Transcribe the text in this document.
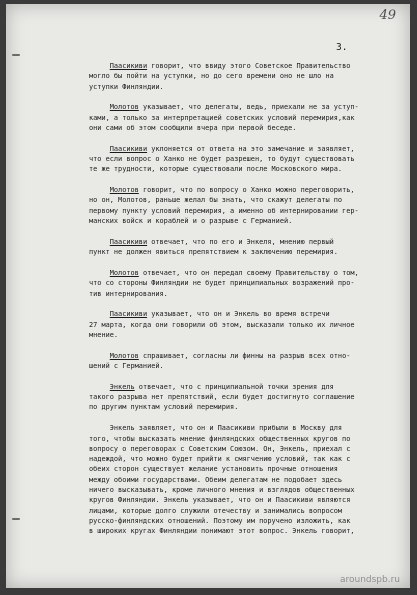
49
3.
Паасикиви говорит, что ввиду этого Советское Правительство
могло бы пойти на уступки, но до сего времени оно не шло на
уступки Финляндии.
Молотов указывает, что делегаты, ведь, приехали не за уступ-
ками, а только за интерпретацией советских условий перемирия,как
они сами об этом сообщили вчера при первой беседе.
Паасикиви уклоняется от ответа на это замечание и заявляет,
что если вопрос о Ханко не будет разрешен, то будут существовать
те же трудности, которые существовали после Московского мира.
Молотов говорит, что по вопросу о Ханко можно переговорить,
но он, Молотов, раньше желал бы знать, что скажут делегаты по
первому пункту условий перемирия, а именно об интернировании гер-
манских войск и кораблей и о разрыве с Германией.
Паасикиви отвечает, что по его и Энкеля, мнению первый
пункт не должен явиться препятствием к заключению перемирия.
Молотов отвечает, что он передал своему Правительству о том,
что со стороны Финляндии не будет принципиальных возражений про-
тив интернирования.
Паасикиви указывает, что он и Энкель во время встречи
27 марта, когда они говорили об этом, высказали только их личное
мнение.
Молотов спрашивает, согласны ли финны на разрыв всех отно-
шений с Германией.
Энкель отвечает, что с принципиальной точки зрения для
такого разрыва нет препятствий, если будет достигнуто соглашение
по другим пунктам условий перемирия.
Энкель заявляет, что он и Паасикиви прибыли в Москву для
того, чтобы высказать мнение финляндских общественных кругов по
вопросу о переговорах с Советским Союзом. Он, Энкель, приехал с
надеждой, что можно будет прийти к смягчению условий, так как с
обеих сторон существует желание установить прочные отношения
между обоими государствами. Обеим делегатам не подобает здесь
ничего высказывать, кроме личного мнения и взглядов общественных
кругов Финляндии. Энкель указывает, что он и Паасикиви являются
лицами, которые долго служили отечеству и занимались вопросом
русско-финляндских отношений. Поэтому им поручено изложить, как
в широких кругах Финляндии понимают этот вопрос. Энкель говорит,
aroundspb.ru
